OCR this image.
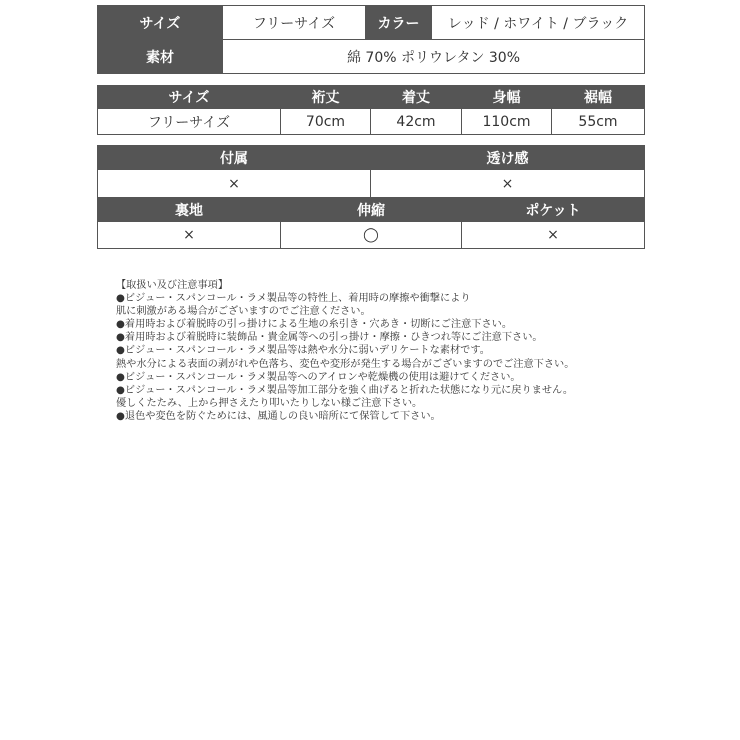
サイズ	フリーサイズ	カラー	レッド / ホワイト / ブラック
素材	綿 70% ポリウレタン 30%		
サイズ	裄丈	着丈	身幅	裾幅
フリーサイズ	70cm	42cm	110cm	55cm
付属	透け感
×	×
裏地	伸縮	ポケット
×	◯	×
【取扱い及び注意事項】
●ビジュー・スパンコール・ラメ製品等の特性上、着用時の摩擦や衝撃により
肌に刺激がある場合がございますのでご注意ください。
●着用時および着脱時の引っ掛けによる生地の糸引き・穴あき・切断にご注意下さい。
●着用時および着脱時に装飾品・貴金属等への引っ掛け・摩擦・ひきつれ等にご注意下さい。
●ビジュー・スパンコール・ラメ製品等は熱や水分に弱いデリケートな素材です。
熱や水分による表面の剥がれや色落ち、変色や変形が発生する場合がございますのでご注意下さい。
●ビジュー・スパンコール・ラメ製品等へのアイロンや乾燥機の使用は避けてください。
●ビジュー・スパンコール・ラメ製品等加工部分を強く曲げると折れた状態になり元に戻りません。
優しくたたみ、上から押さえたり叩いたりしない様ご注意下さい。
●退色や変色を防ぐためには、風通しの良い暗所にて保管して下さい。
